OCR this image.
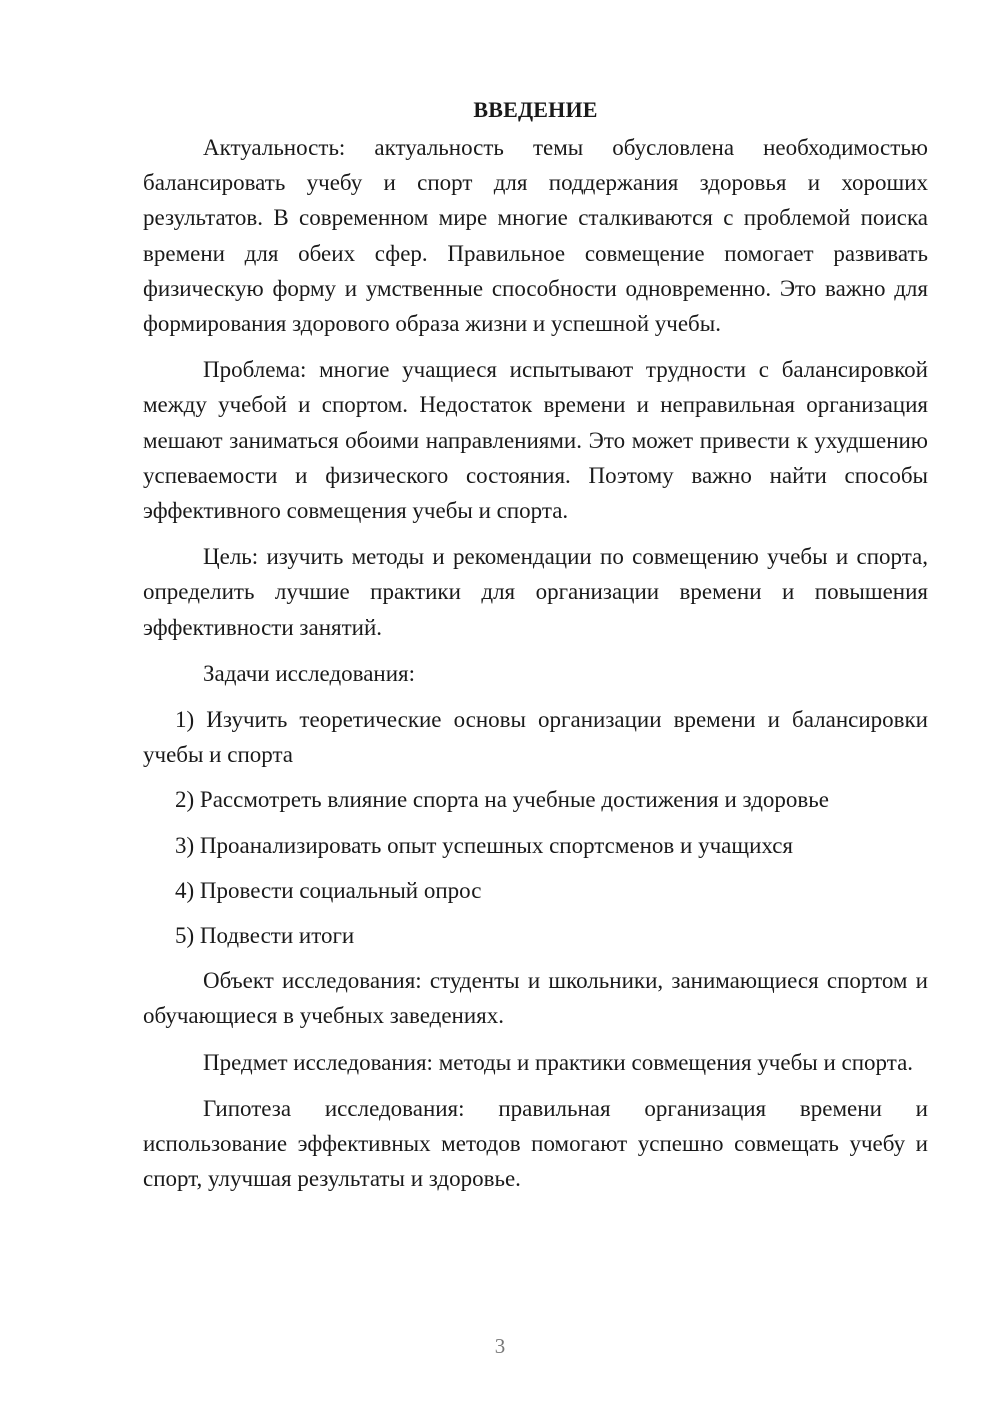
ВВЕДЕНИЕ

Актуальность: актуальность темы обусловлена необходимостью балансировать учебу и спорт для поддержания здоровья и хороших результатов. В современном мире многие сталкиваются с проблемой поиска времени для обеих сфер. Правильное совмещение помогает развивать физическую форму и умственные способности одновременно. Это важно для формирования здорового образа жизни и успешной учебы.

Проблема: многие учащиеся испытывают трудности с балансировкой между учебой и спортом. Недостаток времени и неправильная организация мешают заниматься обоими направлениями. Это может привести к ухудшению успеваемости и физического состояния. Поэтому важно найти способы эффективного совмещения учебы и спорта.

Цель: изучить методы и рекомендации по совмещению учебы и спорта, определить лучшие практики для организации времени и повышения эффективности занятий.

Задачи исследования:

1) Изучить теоретические основы организации времени и балансировки учебы и спорта

2) Рассмотреть влияние спорта на учебные достижения и здоровье

3) Проанализировать опыт успешных спортсменов и учащихся

4) Провести социальный опрос

5) Подвести итоги

Объект исследования: студенты и школьники, занимающиеся спортом и обучающиеся в учебных заведениях.

Предмет исследования: методы и практики совмещения учебы и спорта.

Гипотеза исследования: правильная организация времени и использование эффективных методов помогают успешно совмещать учебу и спорт, улучшая результаты и здоровье.

3
